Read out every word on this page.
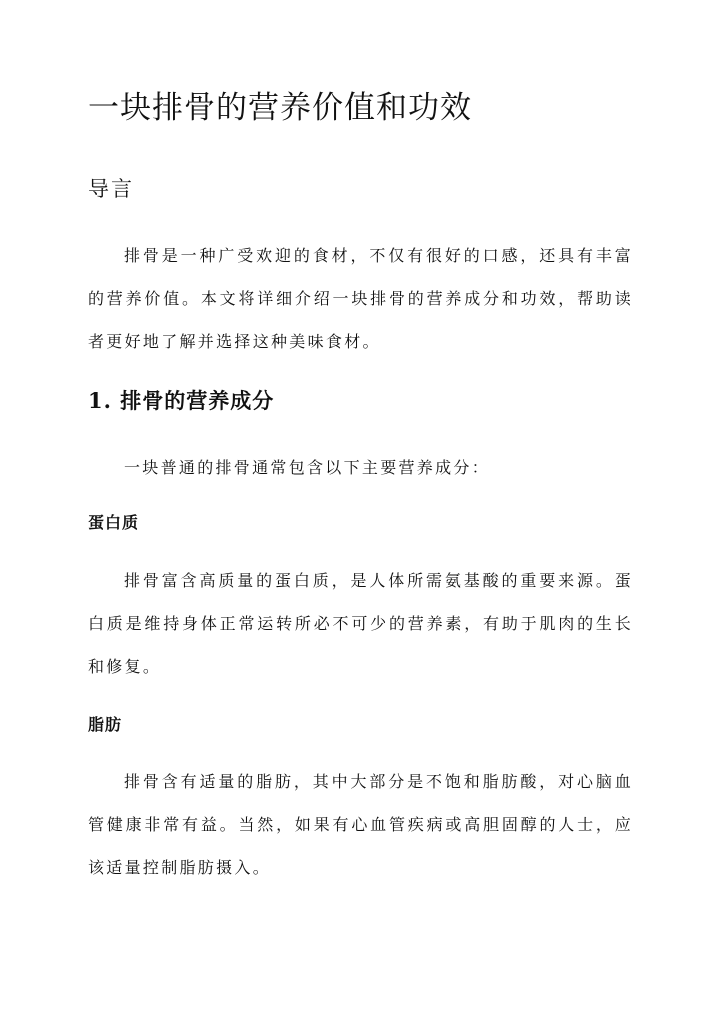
一块排骨的营养价值和功效
导言

排骨是一种广受欢迎的食材，不仅有很好的口感，还具有丰富的营养价值。本文将详细介绍一块排骨的营养成分和功效，帮助读者更好地了解并选择这种美味食材。

1. 排骨的营养成分

一块普通的排骨通常包含以下主要营养成分：

蛋白质

排骨富含高质量的蛋白质，是人体所需氨基酸的重要来源。蛋白质是维持身体正常运转所必不可少的营养素，有助于肌肉的生长和修复。

脂肪

排骨含有适量的脂肪，其中大部分是不饱和脂肪酸，对心脑血管健康非常有益。当然，如果有心血管疾病或高胆固醇的人士，应该适量控制脂肪摄入。
